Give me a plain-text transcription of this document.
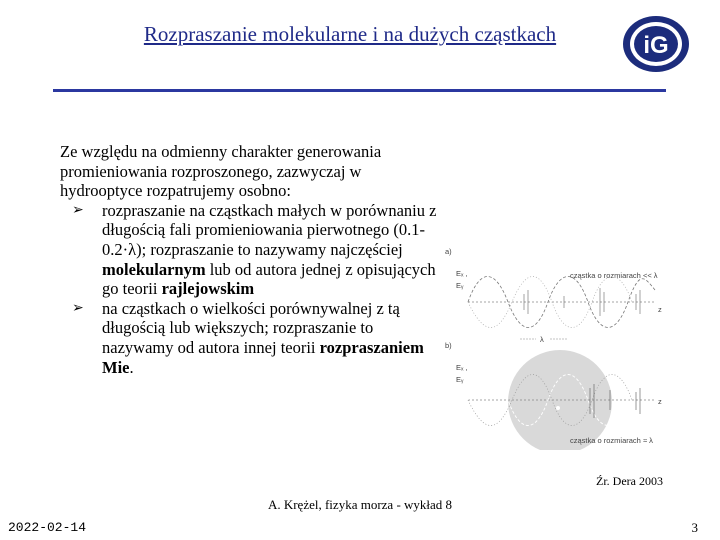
Rozpraszanie molekularne i na dużych cząstkach	iG

Ze względu na odmienny charakter generowania promieniowania rozproszonego, zazwyczaj w hydrooptyce rozpatrujemy osobno:

➢ rozpraszanie na cząstkach małych w porównaniu z długością fali promieniowania pierwotnego (0.1-0.2·λ); rozpraszanie to nazywamy najczęściej molekularnym lub od autora jednej z opisujących go teorii rajlejowskim

➢ na cząstkach o wielkości porównywalnej z tą długością lub większych; rozpraszanie to nazywamy od autora innej teorii rozpraszaniem Mie.

a)
Eₓ ,
Eᵧ
cząstka o rozmiarach << λ
z
b)
λ
Eₓ ,
Eᵧ
z
cząstka o rozmiarach ≈ λ
Źr. Dera 2003
A. Krężel, fizyka morza - wykład 8
2022-02-14	3
